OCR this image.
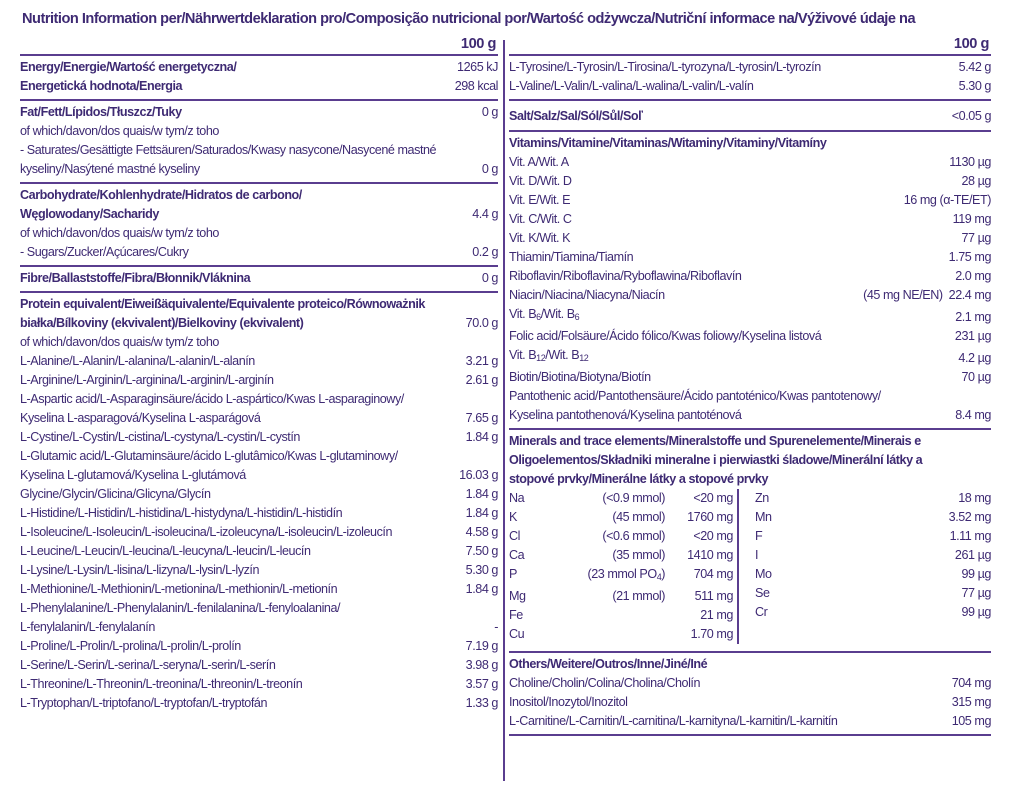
Nutrition Information per/Nährwertdeklaration pro/Composição nutricional por/Wartość odżywcza/Nutriční informace na/Výživové údaje na
100 g
Energy/Energie/Wartość energetyczna/	1265 kJ
Energetická hodnota/Energia	298 kcal
Fat/Fett/Lípidos/Tłuszcz/Tuky	0 g
of which/davon/dos quais/w tym/z toho
- Saturates/Gesättigte Fettsäuren/Saturados/Kwasy nasycone/Nasycené mastné
kyseliny/Nasýtené mastné kyseliny	0 g
Carbohydrate/Kohlenhydrate/Hidratos de carbono/
Węglowodany/Sacharidy	4.4 g
of which/davon/dos quais/w tym/z toho
- Sugars/Zucker/Açúcares/Cukry	0.2 g
Fibre/Ballaststoffe/Fibra/Błonnik/Vláknina	0 g
Protein equivalent/Eiweißäquivalente/Equivalente proteico/Równoważnik
białka/Bílkoviny (ekvivalent)/Bielkoviny (ekvivalent)	70.0 g
of which/davon/dos quais/w tym/z toho
L-Alanine/L-Alanin/L-alanina/L-alanin/L-alanín	3.21 g
L-Arginine/L-Arginin/L-arginina/L-arginin/L-arginín	2.61 g
L-Aspartic acid/L-Asparaginsäure/ácido L-aspártico/Kwas L-asparaginowy/
Kyselina L-asparagová/Kyselina L-asparágová	7.65 g
L-Cystine/L-Cystin/L-cistina/L-cystyna/L-cystin/L-cystín	1.84 g
L-Glutamic acid/L-Glutaminsäure/ácido L-glutâmico/Kwas L-glutaminowy/
Kyselina L-glutamová/Kyselina L-glutámová	16.03 g
Glycine/Glycin/Glicina/Glicyna/Glycín	1.84 g
L-Histidine/L-Histidin/L-histidina/L-histydyna/L-histidin/L-histidín	1.84 g
L-Isoleucine/L-Isoleucin/L-isoleucina/L-izoleucyna/L-isoleucin/L-izoleucín	4.58 g
L-Leucine/L-Leucin/L-leucina/L-leucyna/L-leucin/L-leucín	7.50 g
L-Lysine/L-Lysin/L-lisina/L-lizyna/L-lysin/L-lyzín	5.30 g
L-Methionine/L-Methionin/L-metionina/L-methionin/L-metionín	1.84 g
L-Phenylalanine/L-Phenylalanin/L-fenilalanina/L-fenyloalanina/
L-fenylalanin/L-fenylalanín	-
L-Proline/L-Prolin/L-prolina/L-prolin/L-prolín	7.19 g
L-Serine/L-Serin/L-serina/L-seryna/L-serin/L-serín	3.98 g
L-Threonine/L-Threonin/L-treonina/L-threonin/L-treonín	3.57 g
L-Tryptophan/L-triptofano/L-tryptofan/L-tryptofán	1.33 g
100 g
L-Tyrosine/L-Tyrosin/L-Tirosina/L-tyrozyna/L-tyrosin/L-tyrozín	5.42 g
L-Valine/L-Valin/L-valina/L-walina/L-valin/L-valín	5.30 g
Salt/Salz/Sal/Sól/Sůl/Soľ	<0.05 g
Vitamins/Vitamine/Vitaminas/Witaminy/Vitaminy/Vitamíny
Vit. A/Wit. A	1130 µg
Vit. D/Wit. D	28 µg
Vit. E/Wit. E	16 mg (α-TE/ET)
Vit. C/Wit. C	119 mg
Vit. K/Wit. K	77 µg
Thiamin/Tiamina/Tiamín	1.75 mg
Riboflavin/Riboflavina/Ryboflawina/Riboflavín	2.0 mg
Niacin/Niacina/Niacyna/Niacín	(45 mg NE/EN) 22.4 mg
Vit. $B_6$/Wit. $B_6$	2.1 mg
Folic acid/Folsäure/Ácido fólico/Kwas foliowy/Kyselina listová	231 µg
Vit. $B_{12}$/Wit. $B_{12}$	4.2 µg
Biotin/Biotina/Biotyna/Biotín	70 µg
Pantothenic acid/Pantothensäure/Ácido pantoténico/Kwas pantotenowy/
Kyselina pantothenová/Kyselina pantoténová	8.4 mg
Minerals and trace elements/Mineralstoffe und Spurenelemente/Minerais e
Oligoelementos/Składniki mineralne i pierwiastki śladowe/Minerální látky a
stopové prvky/Minerálne látky a stopové prvky
Na	(<0.9 mmol)	<20 mg
K	(45 mmol)	1760 mg
Cl	(<0.6 mmol)	<20 mg
Ca	(35 mmol)	1410 mg
P	(23 mmol $PO_4$)	704 mg
Mg	(21 mmol)	511 mg
Fe	21 mg
Cu	1.70 mg
Zn	18 mg
Mn	3.52 mg
F	1.11 mg
I	261 µg
Mo	99 µg
Se	77 µg
Cr	99 µg
Others/Weitere/Outros/Inne/Jiné/Iné
Choline/Cholin/Colina/Cholina/Cholín	704 mg
Inositol/Inozytol/Inozitol	315 mg
L-Carnitine/L-Carnitin/L-carnitina/L-karnityna/L-karnitin/L-karnitín	105 mg
